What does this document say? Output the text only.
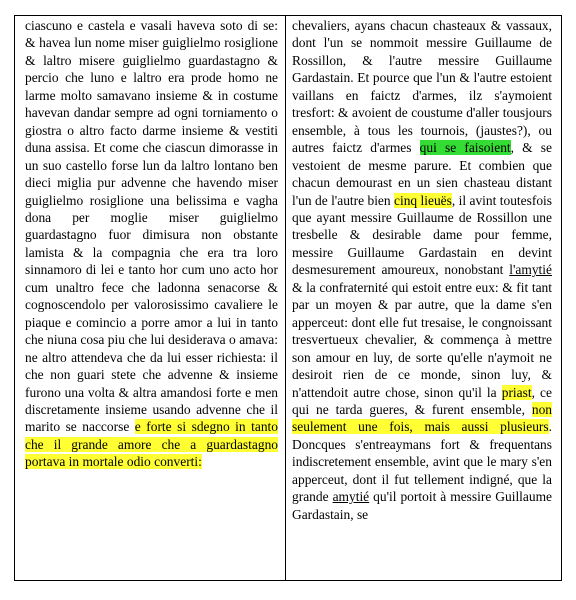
ciascuno e castela e vasali haveva soto di se: & havea lun nome miser guiglielmo rosiglione & laltro misere guiglielmo guardastagno & percio che luno e laltro era prode homo ne larme molto samavano insieme & in costume havevan dandar sempre ad ogni torniamento o giostra o altro facto darme insieme & vestiti duna assisa. Et come che ciascun dimorasse in un suo castello forse lun da laltro lontano ben dieci miglia pur advenne che havendo miser guiglielmo rosiglione una belissima e vagha dona per moglie miser guiglielmo guardastagno fuor dimisura non obstante lamista & la compagnia che era tra loro sinnamoro di lei e tanto hor cum uno acto hor cum unaltro fece che ladonna senacorse & cognoscendolo per valorosissimo cavaliere le piaque e comincio a porre amor a lui in tanto che niuna cosa piu che lui desiderava o amava: ne altro attendeva che da lui esser richiesta: il che non guari stete che advenne & insieme furono una volta & altra amandosi forte e men discretamente insieme usando advenne che il marito se naccorse e forte si sdegno in tanto che il grande amore che a guardastagno portava in mortale odio converti:
chevaliers, ayans chacun chasteaux & vassaux, dont l'un se nommoit messire Guillaume de Rossillon, & l'autre messire Guillaume Gardastain. Et pource que l'un & l'autre estoient vaillans en faictz d'armes, ilz s'aymoient tresfort: & avoient de coustume d'aller tousjours ensemble, à tous les tournois, (jaustes?), ou autres faictz d'armes qui se faisoient, & se vestoient de mesme parure. Et combien que chacun demourast en un sien chasteau distant l'un de l'autre bien cinq lieuës, il avint toutesfois que ayant messire Guillaume de Rossillon une tresbelle & desirable dame pour femme, messire Guillaume Gardastain en devint desmesurement amoureux, nonobstant l'amytié & la confraternité qui estoit entre eux: & fit tant par un moyen & par autre, que la dame s'en apperceut: dont elle fut tresaise, le congnoissant tresvertueux chevalier, & commença à mettre son amour en luy, de sorte qu'elle n'aymoit ne desiroit rien de ce monde, sinon luy, & n'attendoit autre chose, sinon qu'il la priast, ce qui ne tarda gueres, & furent ensemble, non seulement une fois, mais aussi plusieurs. Doncques s'entreaymans fort & frequentans indiscretement ensemble, avint que le mary s'en apperceut, dont il fut tellement indigné, que la grande amytié qu'il portoit à messire Guillaume Gardastain, se
